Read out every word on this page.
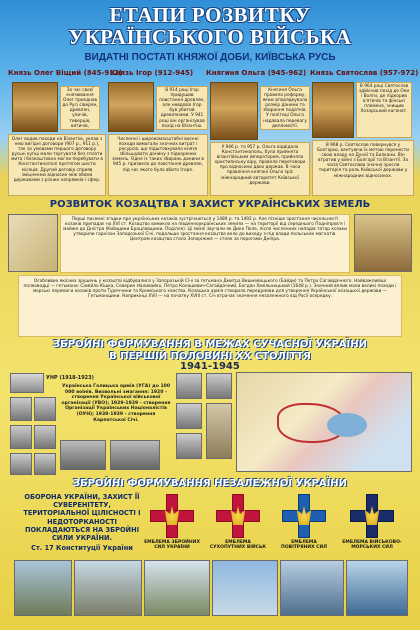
ЕТАПИ РОЗВИТКУ
УКРАЇНСЬКОГО ВІЙСЬКА
ВИДАТНІ ПОСТАТІ КНЯЖОЇ ДОБИ, КИЇВСЬКА РУСЬ
Князь Олег Віщий (845-912)
Князь Ігор (912-945) Княгиня Ольга (945-962) Князь Святослав (957-972)
За час своєї князювання Олег приєднав до Русі сіверян, древлян, уличів, тиверців, вятичів,
В 914 році Ігор придушив повстання древлян, але невдовзі Ігор був убитий древлянами. У 941 році він організував похід на Візантію.
Княгиня Ольга провела реформу, якою впорядкувала розмір данини та збирання податків. У політиці Ольга надавала перевагу дипломатії.
В 964 році Святослав здійснив похід до Оки і Волги, де підкорив в'ятичів та фінські племена, знищив Хозарський каганат.
Олег водив походи на Візантію, уклав з нею вигідні договори (907 р., 911 р.), так за умовами першого договору руські купці мали торгувати без сплати мита і безкоштовно могли перебувати в Константинополі протягом шести місяців. Другий договір сприяв зміцненню відносин між обома державами з різних напрямків і сфер.
Численні і широкомасштабні воєнні походи вимагали значних витрат і ресурсів, що підштовхувало князя збільшувати данину з підкорених земель. Одне із таких збирань данини в 945 р. призвело до повстання древлян, під час якого було вбито Ігоря.
У 946 р. та 957 р. Ольга відвідала Константинополь, була прийнята візантійським імператором, прийняла християнську віру, провела переговори про відносини двох держав. В часи правління княгині Ольги зріс міжнародний авторитет Київської держави.
В 968 р. Святослав повернувся у Болгарію, вантуючи їх метою перенести свою владу на Дунаї та Балкани. Він втратив у війні з Болгарії та Візантії. За часів Святослава значно зросли територія та роль Київської держави у міжнародних відносинах.
РОЗВИТОК КОЗАЦТВА І ЗАХИСТ УКРАЇНСЬКИХ ЗЕМЕЛЬ
Перші писемні згадки про українських козаків зустрічаються у 1489 р. та 1492 р. Але пізніше зростання чисельності козаків припадає на XVI ст. Козацтво виникло на південноукраїнських землях — на території від середнього Подніпров'я і майже до Дністра (Київщини Брацлавщини, Поділля). Ці землі звучали як Дике Поле, після численних нападів татар козаки утворили гарнізон Запорозької Січі, подальше зростання козацтва вело до виходу з-під влади польських магнатів. Центром козацтва стало Запоріжжя — стоян за порогами Дніпра.
Особливих якісних зрушень у козацтві відбувалися у Запорозькій Січі за гетьмана Дмитра Вишневецького (Байди) та Петра Сагайдачного. Найважливіші полководці — гетьмани: Самійло Кішка, Северин Наливайко, Петро Конашевич-Сагайдачний, Богдан Хмельницький (1648 р.). Значний вплив мали великі походи і морські перемоги козаків проти Туреччини та Кримського ханства. Козацька армія створила передумови для утворення Української козацької держави — Гетьманщини. Наприкінці XVII — на початку XVIII ст. Січ втрачає значення незалежного від Росії осередку.
ЗБРОЙНІ ФОРМУВАННЯ В МЕЖАХ СУЧАСНОЇ УКРАЇНИ
В ПЕРШІЙ ПОЛОВИНІ ХХ СТОЛІТТЯ
1941-1945
УНР (1918-1923)
Українська Галицька армія (УГА) до 100 000 воїнів. Визвольні змагання: 1920 - створення Української військової організації (УВО); 1929-1929 - створення Організації Українських Націоналістів (ОУН); 1938-1939 - створення Карпатської Січі.
ЗБРОЙНІ ФОРМУВАННЯ НЕЗАЛЕЖНОЇ УКРАЇНИ
ОБОРОНА УКРАЇНИ, ЗАХИСТ ЇЇ СУВЕРЕНІТЕТУ, ТЕРИТОРІАЛЬНОЇ ЦІЛІСНОСТІ І НЕДОТОРКАНОСТІ ПОКЛАДАЮТЬСЯ НА ЗБРОЙНІ СИЛИ УКРАЇНИ.
Ст. 17 Конституції України
ЕМБЛЕМА ЗБРОЙНИХ СИЛ УКРАЇНИ
ЕМБЛЕМА СУХОПУТНИХ ВІЙСЬК
ЕМБЛЕМА ПОВІТРЯНИХ СИЛ
ЕМБЛЕМА ВІЙСЬКОВО-МОРСЬКИХ СИЛ
